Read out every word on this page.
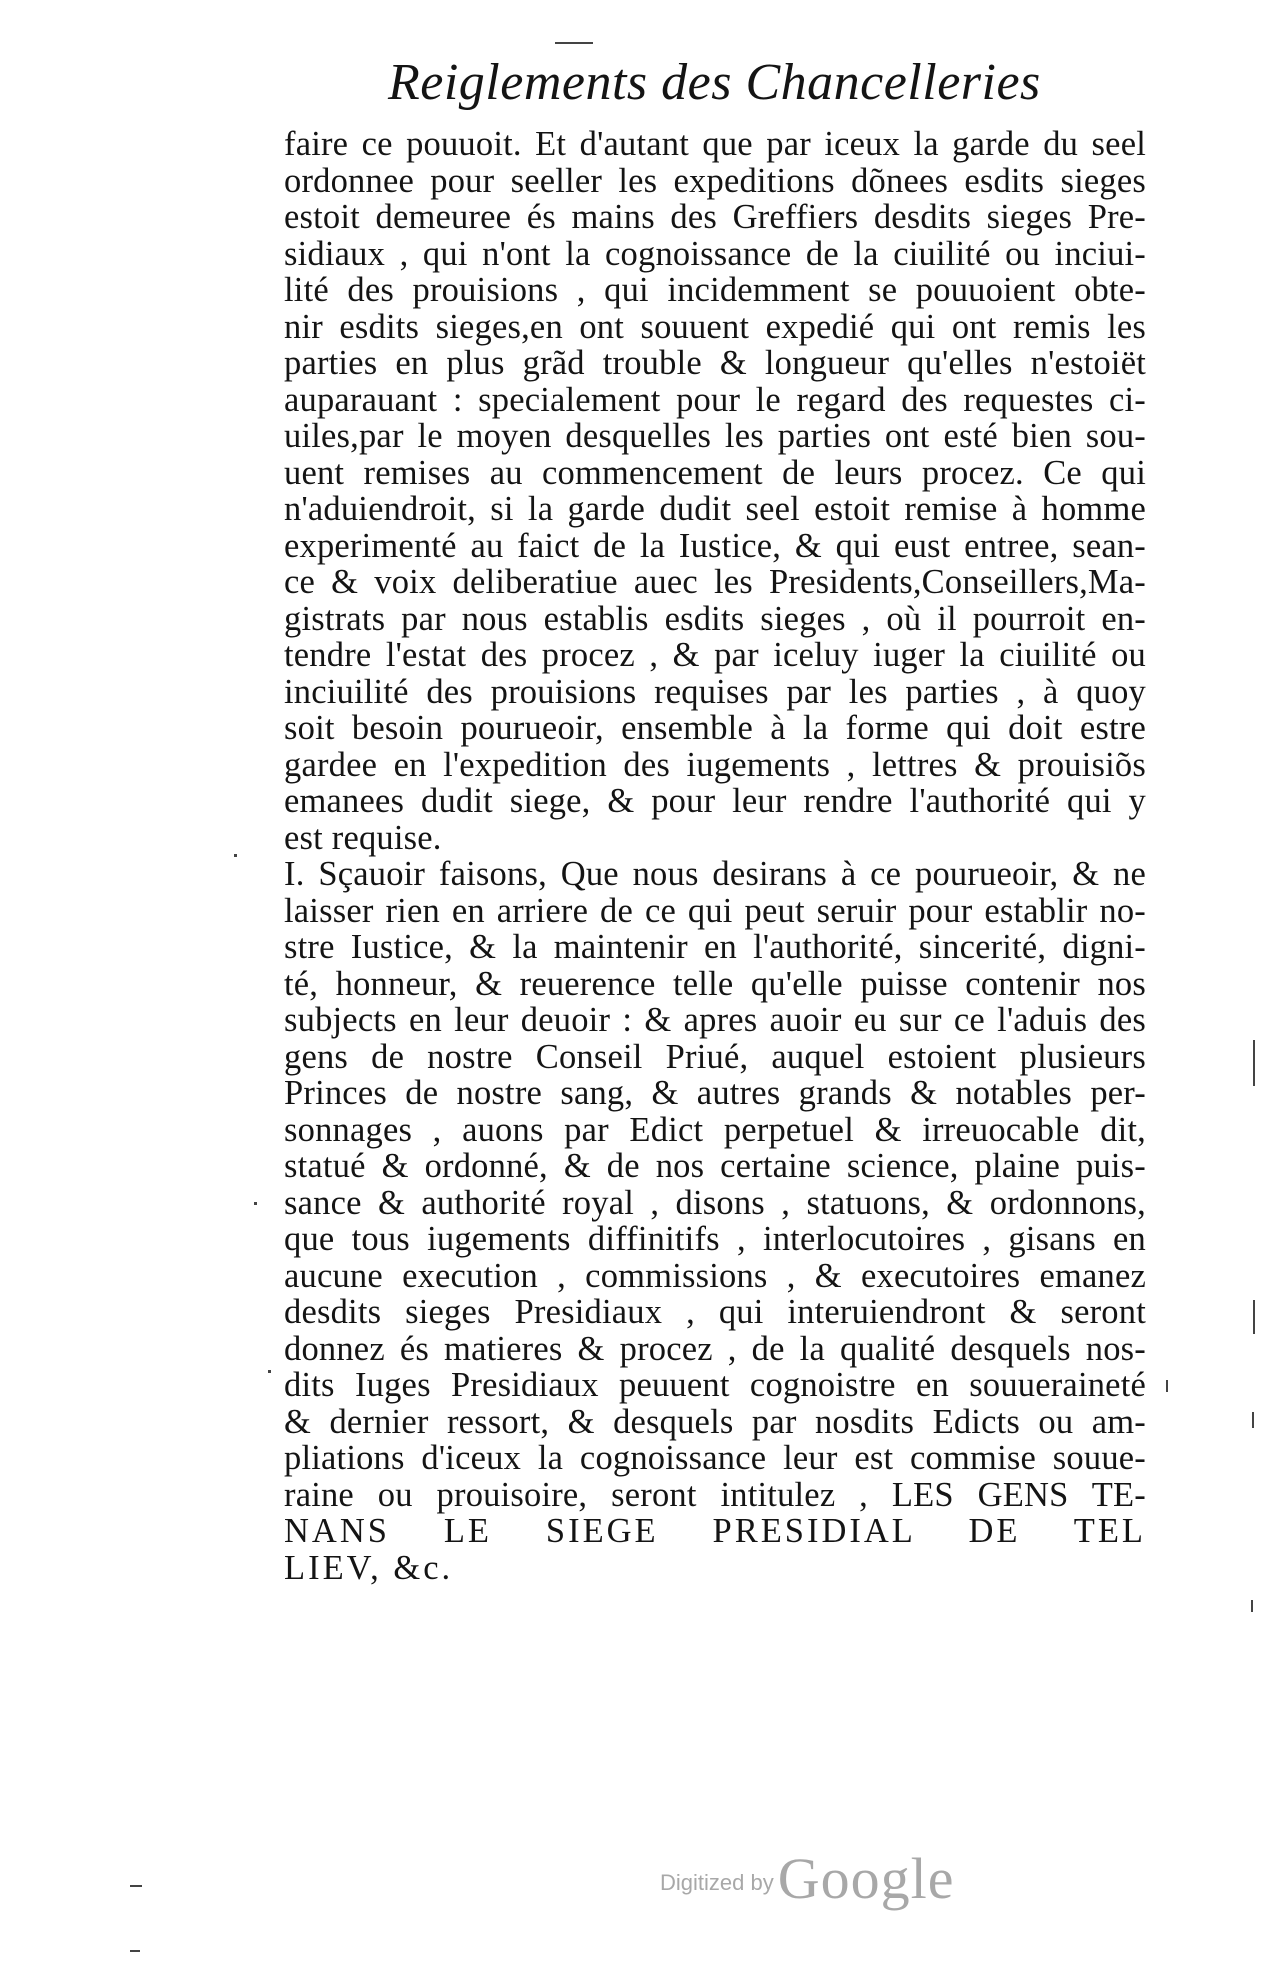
Reiglements des Chancelleries
faire ce pouuoit. Et d'autant que par iceux la garde du seel
ordonnee pour seeller les expeditions dõnees esdits sieges
estoit demeuree és mains des Greffiers desdits sieges Pre-
sidiaux , qui n'ont la cognoissance de la ciuilité ou inciui-
lité des prouisions , qui incidemment se pouuoient obte-
nir esdits sieges,en ont souuent expedié qui ont remis les
parties en plus grãd trouble & longueur qu'elles n'estoiët
auparauant : specialement pour le regard des requestes ci-
uiles,par le moyen desquelles les parties ont esté bien sou-
uent remises au commencement de leurs procez. Ce qui
n'aduiendroit, si la garde dudit seel estoit remise à homme
experimenté au faict de la Iustice, & qui eust entree, sean-
ce & voix deliberatiue auec les Presidents,Conseillers,Ma-
gistrats par nous establis esdits sieges , où il pourroit en-
tendre l'estat des procez , & par iceluy iuger la ciuilité ou
inciuilité des prouisions requises par les parties , à quoy
soit besoin pourueoir, ensemble à la forme qui doit estre
gardee en l'expedition des iugements , lettres & prouisiõs
emanees dudit siege, & pour leur rendre l'authorité qui y
est requise.
I. Sçauoir faisons, Que nous desirans à ce pourueoir, & ne
laisser rien en arriere de ce qui peut seruir pour establir no-
stre Iustice, & la maintenir en l'authorité, sincerité, digni-
té, honneur, & reuerence telle qu'elle puisse contenir nos
subjects en leur deuoir : & apres auoir eu sur ce l'aduis des
gens de nostre Conseil Priué, auquel estoient plusieurs
Princes de nostre sang, & autres grands & notables per-
sonnages , auons par Edict perpetuel & irreuocable dit,
statué & ordonné, & de nos certaine science, plaine puis-
sance & authorité royal , disons , statuons, & ordonnons,
que tous iugements diffinitifs , interlocutoires , gisans en
aucune execution , commissions , & executoires emanez
desdits sieges Presidiaux , qui interuiendront & seront
donnez és matieres & procez , de la qualité desquels nos-
dits Iuges Presidiaux peuuent cognoistre en souueraineté
& dernier ressort, & desquels par nosdits Edicts ou am-
pliations d'iceux la cognoissance leur est commise souue-
raine ou prouisoire, seront intitulez , LES GENS TE-
NANS LE SIEGE PRESIDIAL DE TEL
LIEV, &c.
Digitized byGoogle
